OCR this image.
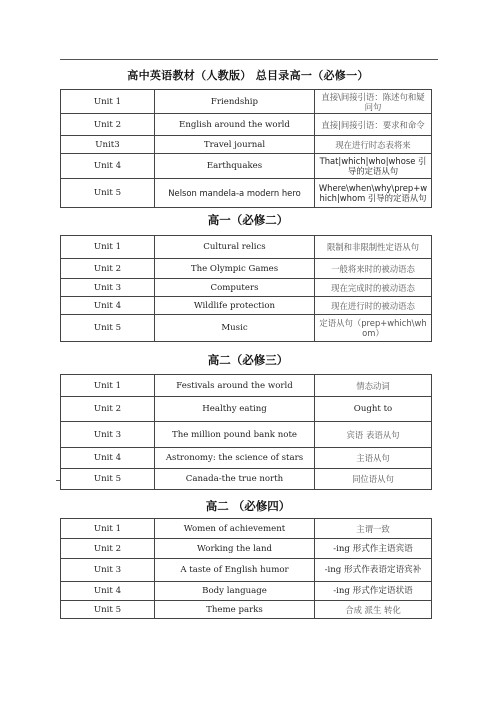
高中英语教材（人教版） 总目录高一（必修一）
Unit 1	Friendship	直接\间接引语：陈述句和疑问句
Unit 2	English around the world	直接|间接引语：要求和命令
Unit3	Travel journal	现在进行时态表将来
Unit 4	Earthquakes	That|which|who|whose 引导的定语从句
Unit 5	Nelson mandela-a modern hero	Where\when\why\prep+which|whom 引导的定语从句
高一（必修二）
Unit 1	Cultural relics	限制和非限制性定语从句
Unit 2	The Olympic Games	一般将来时的被动语态
Unit 3	Computers	现在完成时的被动语态
Unit 4	Wildlife protection	现在进行时的被动语态
Unit 5	Music	定语从句（prep+which\whom）
高二（必修三）
Unit 1	Festivals around the world	情态动词
Unit 2	Healthy eating	Ought to
Unit 3	The million pound bank note	宾语 表语从句
Unit 4	Astronomy: the science of stars	主语从句
Unit 5	Canada-the true north	同位语从句
高二 （必修四）
Unit 1	Women of achievement	主谓一致
Unit 2	Working the land	-ing 形式作主语宾语
Unit 3	A taste of English humor	-ing 形式作表语定语宾补
Unit 4	Body language	-ing 形式作定语状语
Unit 5	Theme parks	合成 派生 转化
